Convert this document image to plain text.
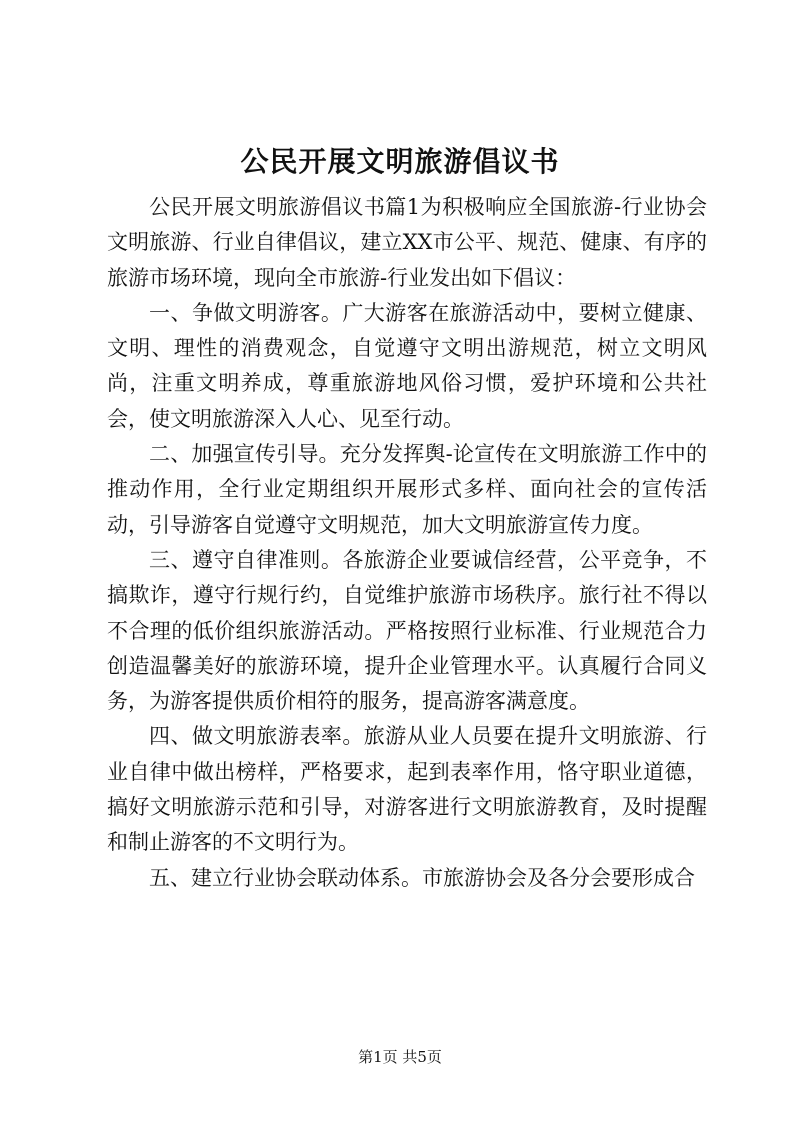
公民开展文明旅游倡议书

公民开展文明旅游倡议书篇1为积极响应全国旅游-行业协会文明旅游、行业自律倡议，建立XX市公平、规范、健康、有序的旅游市场环境，现向全市旅游-行业发出如下倡议：

一、争做文明游客。广大游客在旅游活动中，要树立健康、文明、理性的消费观念，自觉遵守文明出游规范，树立文明风尚，注重文明养成，尊重旅游地风俗习惯，爱护环境和公共社会，使文明旅游深入人心、见至行动。

二、加强宣传引导。充分发挥舆-论宣传在文明旅游工作中的推动作用，全行业定期组织开展形式多样、面向社会的宣传活动，引导游客自觉遵守文明规范，加大文明旅游宣传力度。

三、遵守自律准则。各旅游企业要诚信经营，公平竞争，不搞欺诈，遵守行规行约，自觉维护旅游市场秩序。旅行社不得以不合理的低价组织旅游活动。严格按照行业标准、行业规范合力创造温馨美好的旅游环境，提升企业管理水平。认真履行合同义务，为游客提供质价相符的服务，提高游客满意度。

四、做文明旅游表率。旅游从业人员要在提升文明旅游、行业自律中做出榜样，严格要求，起到表率作用，恪守职业道德，搞好文明旅游示范和引导，对游客进行文明旅游教育，及时提醒和制止游客的不文明行为。

五、建立行业协会联动体系。市旅游协会及各分会要形成合

第1页 共5页
